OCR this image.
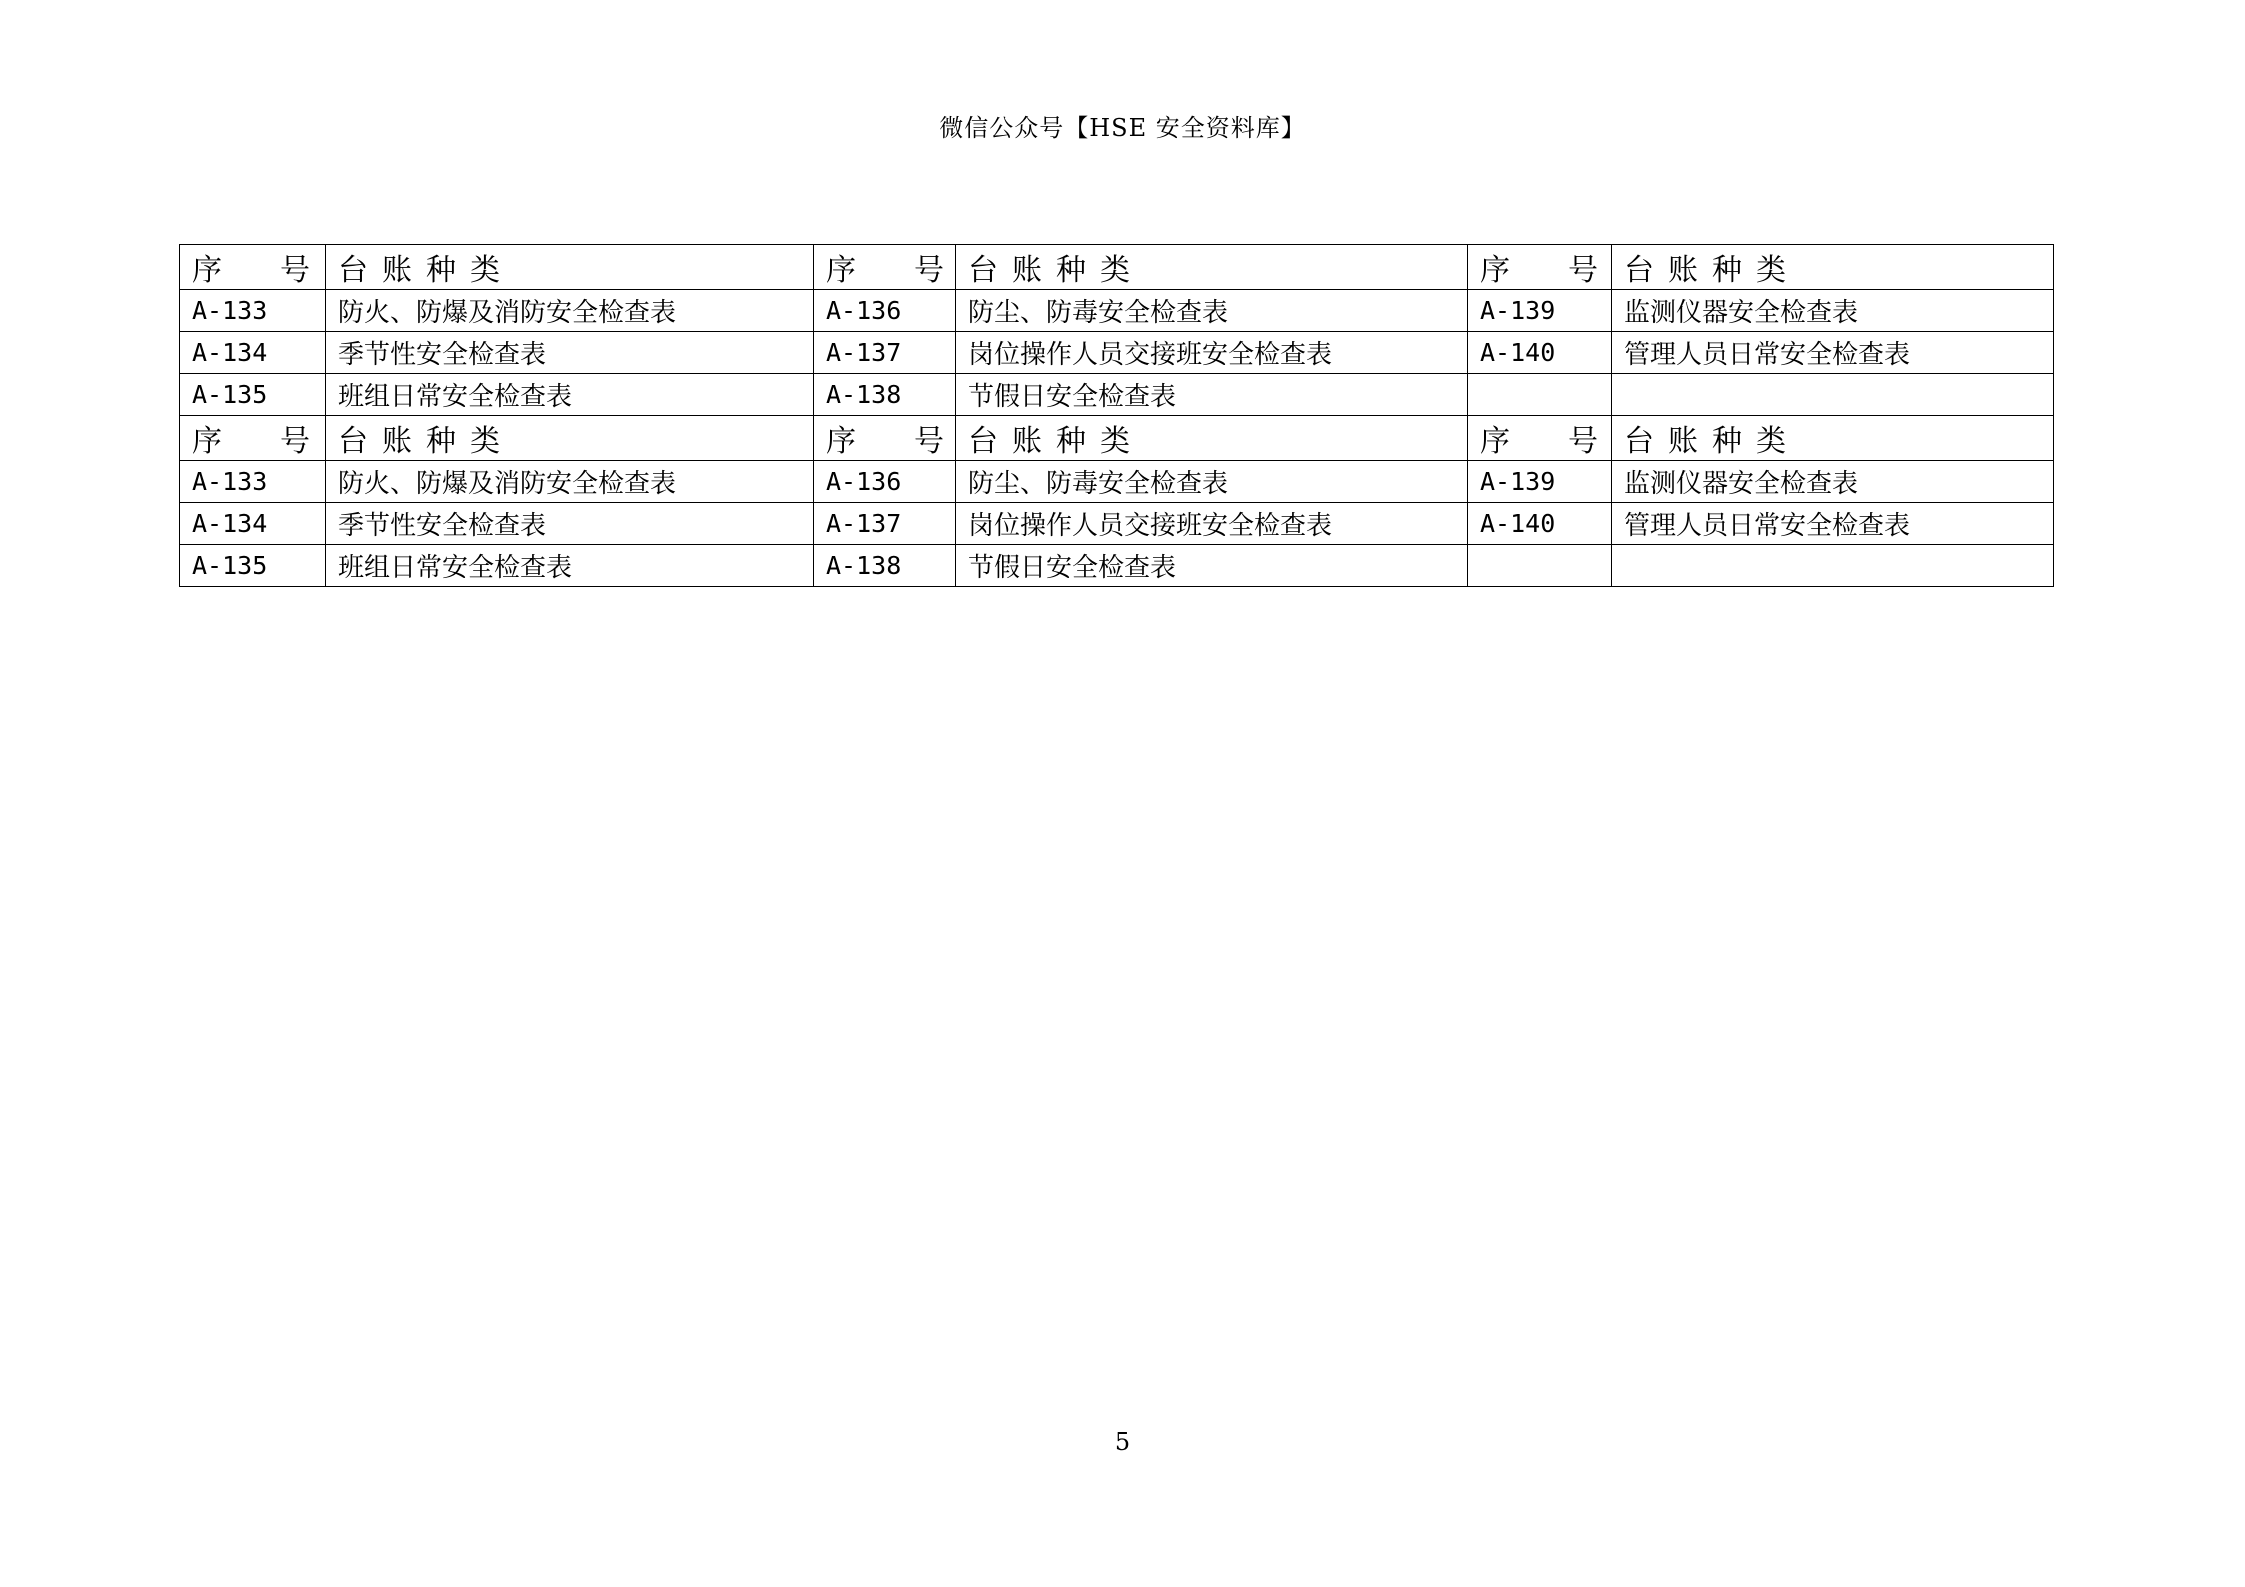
微信公众号【HSE 安全资料库】
序号	台账种类	序号	台账种类	序号	台账种类
A-133	防火、防爆及消防安全检查表	A-136	防尘、防毒安全检查表	A-139	监测仪器安全检查表
A-134	季节性安全检查表	A-137	岗位操作人员交接班安全检查表	A-140	管理人员日常安全检查表
A-135	班组日常安全检查表	A-138	节假日安全检查表		
序号	台账种类	序号	台账种类	序号	台账种类
A-133	防火、防爆及消防安全检查表	A-136	防尘、防毒安全检查表	A-139	监测仪器安全检查表
A-134	季节性安全检查表	A-137	岗位操作人员交接班安全检查表	A-140	管理人员日常安全检查表
A-135	班组日常安全检查表	A-138	节假日安全检查表		
5
